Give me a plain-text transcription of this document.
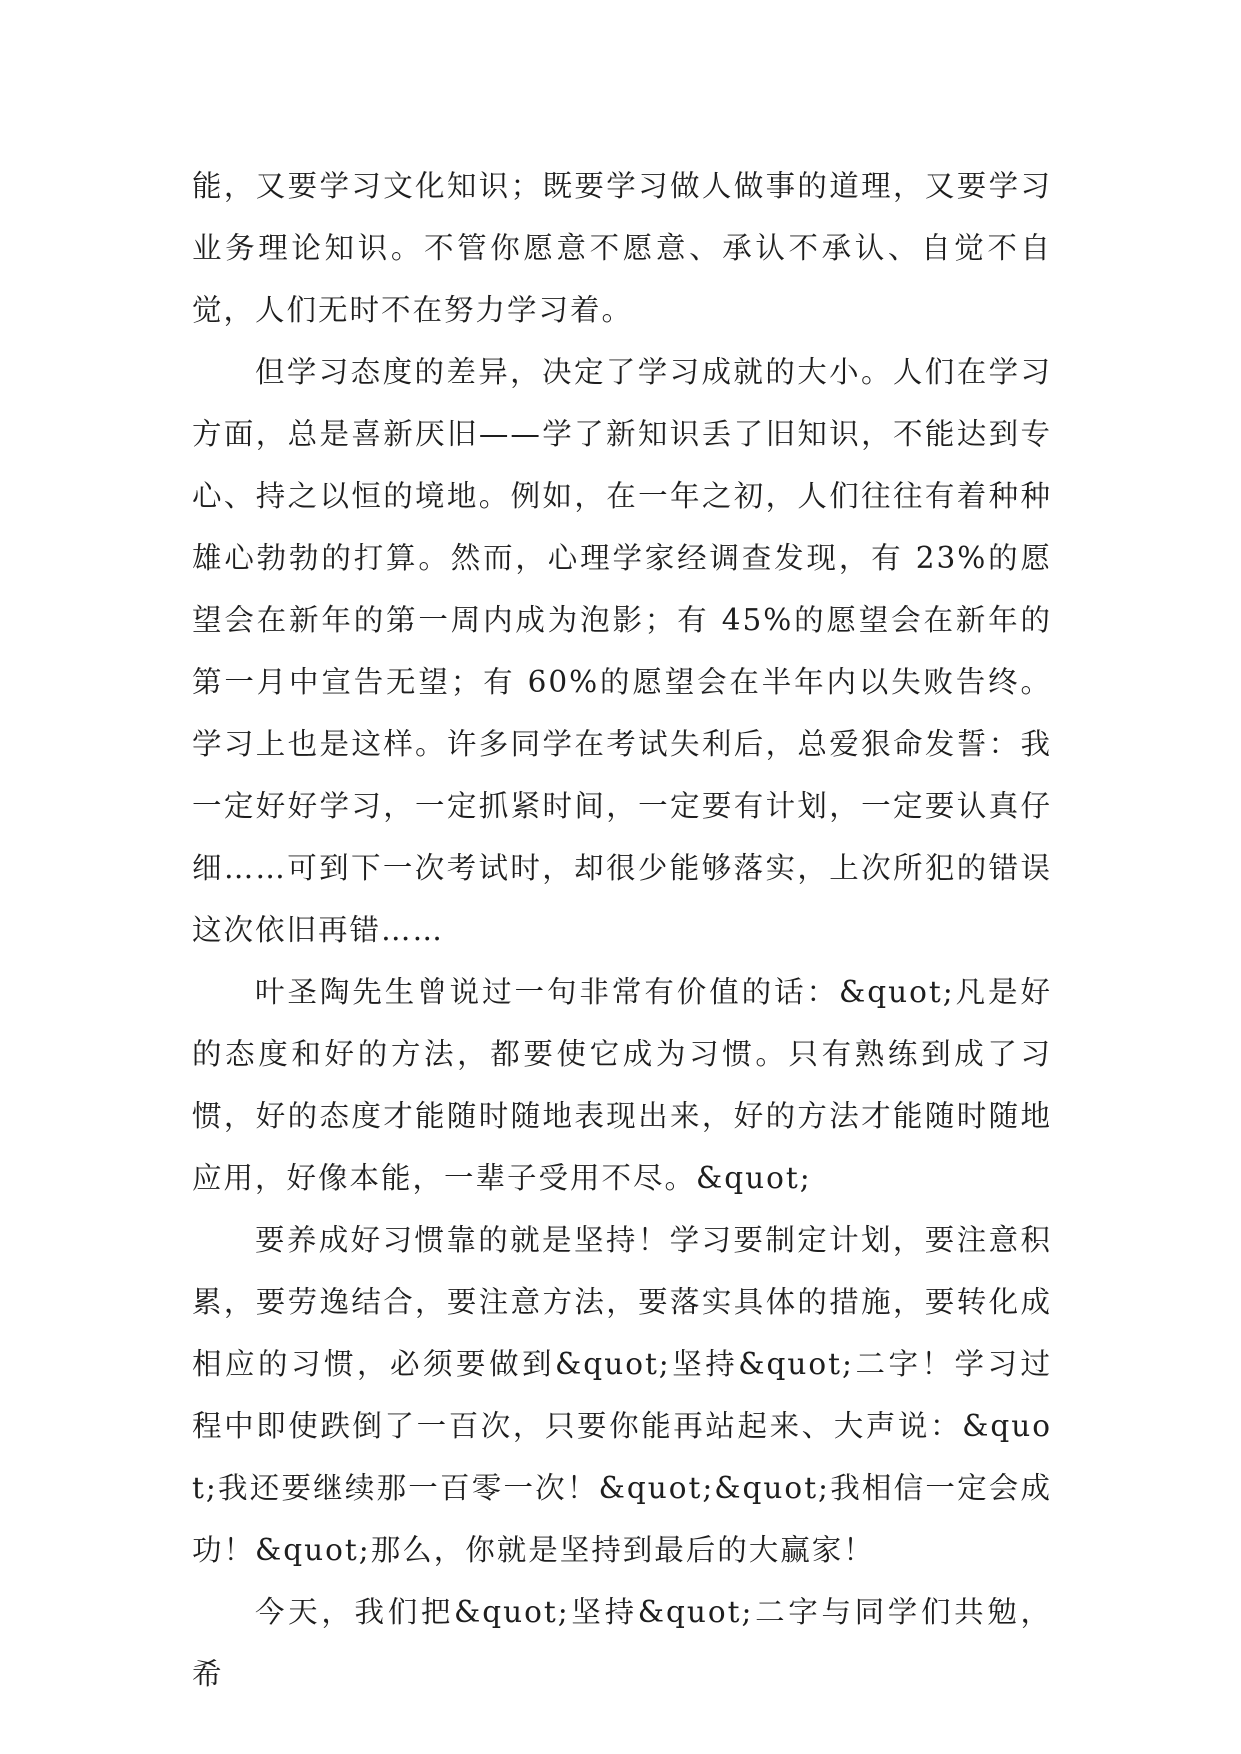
能，又要学习文化知识；既要学习做人做事的道理，又要学习业务理论知识。不管你愿意不愿意、承认不承认、自觉不自觉，人们无时不在努力学习着。

但学习态度的差异，决定了学习成就的大小。人们在学习方面，总是喜新厌旧——学了新知识丢了旧知识，不能达到专心、持之以恒的境地。例如，在一年之初，人们往往有着种种雄心勃勃的打算。然而，心理学家经调查发现，有 23%的愿望会在新年的第一周内成为泡影；有 45%的愿望会在新年的第一月中宣告无望；有 60%的愿望会在半年内以失败告终。学习上也是这样。许多同学在考试失利后，总爱狠命发誓：我一定好好学习，一定抓紧时间，一定要有计划，一定要认真仔细……可到下一次考试时，却很少能够落实，上次所犯的错误这次依旧再错……

叶圣陶先生曾说过一句非常有价值的话：&quot;凡是好的态度和好的方法，都要使它成为习惯。只有熟练到成了习惯，好的态度才能随时随地表现出来，好的方法才能随时随地应用，好像本能，一辈子受用不尽。&quot;

要养成好习惯靠的就是坚持！学习要制定计划，要注意积累，要劳逸结合，要注意方法，要落实具体的措施，要转化成相应的习惯，必须要做到&quot;坚持&quot;二字！学习过程中即使跌倒了一百次，只要你能再站起来、大声说：&quot;我还要继续那一百零一次！&quot;&quot;我相信一定会成功！&quot;那么，你就是坚持到最后的大赢家！

今天，我们把&quot;坚持&quot;二字与同学们共勉，希
